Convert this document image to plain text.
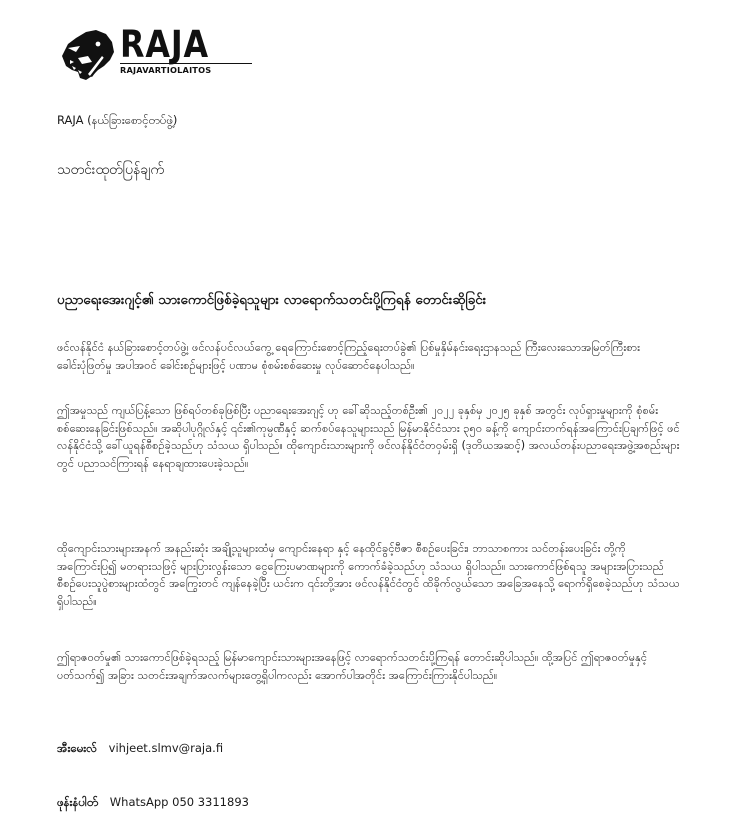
RAJA
RAJAVARTIOLAITOS
RAJA (နယ်ခြားစောင့်တပ်ဖွဲ့)
သတင်းထုတ်ပြန်ချက်
ပညာရေးအေးဂျင့်၏ သားကောင်ဖြစ်ခဲ့ရသူများ လာရောက်သတင်းပို့ကြရန် တောင်းဆိုခြင်း

ဖင်လန်နိုင်ငံ နယ်ခြားစောင့်တပ်ဖွဲ့၊ ဖင်လန်ပင်လယ်ကွေ့ ရေကြောင်းစောင့်ကြည့်ရေးတပ်ခွဲ၏ ပြစ်မှုနှိမ်နင်းရေးဌာနသည် ကြီးလေးသောအမြတ်ကြီးစားခေါင်းပုံဖြတ်မှု အပါအဝင် ခေါင်းစဉ်များဖြင့် ပဏာမ စုံစမ်းစစ်ဆေးမှု လုပ်ဆောင်နေပါသည်။

ဤအမှုသည် ကျယ်ပြန့်သော ဖြစ်ရပ်တစ်ခုဖြစ်ပြီး ပညာရေးအေးဂျင့် ဟု ခေါ်ဆိုသည့်တစ်ဦး၏ ၂၀၂၂ ခုနှစ်မှ ၂၀၂၅ ခုနှစ် အတွင်း လုပ်ရှားမှုများကို စုံစမ်းစစ်ဆေးနေခြင်းဖြစ်သည်။ အဆိုပါပုဂ္ဂိုလ်နှင့် ၎င်း၏ကုမ္ပဏီနှင့် ဆက်စပ်နေသူများသည် မြန်မာနိုင်ငံသား ၃၅၀ ခန့်ကို ကျောင်းတက်ရန်အကြောင်းပြချက်ဖြင့် ဖင်လန်နိုင်ငံသို့ ခေါ်ယူရန်စီစဉ်ခဲ့သည်ဟု သံသယ ရှိပါသည်။ ထိုကျောင်းသားများကို ဖင်လန်နိုင်ငံတဝှမ်းရှိ (ဒုတိယအဆင့်) အလယ်တန်းပညာရေးအဖွဲ့အစည်းများတွင် ပညာသင်ကြားရန် နေရာချထားပေးခဲ့သည်။

ထိုကျောင်းသားများအနက် အနည်းဆုံး အချို့သူများထံမှ ကျောင်းနေရာ နှင့် နေထိုင်ခွင့်ဗီဇာ စီစဉ်ပေးခြင်း၊ ဘာသာစကား သင်တန်းပေးခြင်း တို့ကို အကြောင်းပြ၍ မတရားသဖြင့် များပြားလွန်းသော ငွေကြေးပမာဏများကို ကောက်ခံခဲ့သည်ဟု သံသယ ရှိပါသည်။ သားကောင်ဖြစ်ရသူ အများအပြားသည် စီစဉ်ပေးသူပွဲစားများထံတွင် အကြွေးတင် ကျန်နေခဲ့ပြီး ယင်းက ၎င်းတို့အား ဖင်လန်နိုင်ငံတွင် ထိခိုက်လွယ်သော အခြေအနေသို့ ရောက်ရှိစေခဲ့သည်ဟု သံသယရှိပါသည်။

ဤရာဇဝတ်မှု၏ သားကောင်ဖြစ်ခဲ့ရသည့် မြန်မာကျောင်းသားများအနေဖြင့် လာရောက်သတင်းပို့ကြရန် တောင်းဆိုပါသည်။ ထို့အပြင် ဤရာဇဝတ်မှုနှင့်ပတ်သက်၍ အခြား သတင်းအချက်အလက်များတွေ့ရှိပါကလည်း အောက်ပါအတိုင်း အကြောင်းကြားနိုင်ပါသည်။

အီးမေးလ် vihjeet.slmv@raja.fi
ဖုန်းနံပါတ် WhatsApp 050 3311893
